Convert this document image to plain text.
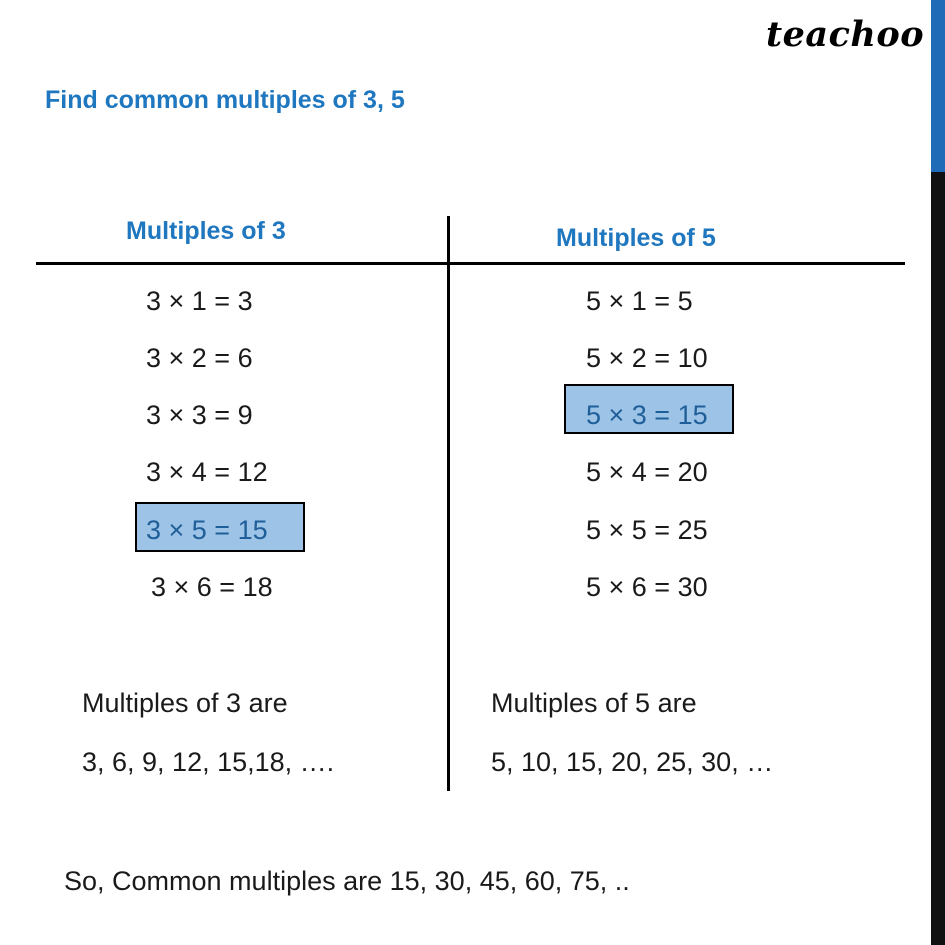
teachoo
Find common multiples of 3, 5
Multiples of 3	Multiples of 5
3 × 1 = 3
3 × 2 = 6
3 × 3 = 9
3 × 4 = 12
3 × 5 = 15
3 × 6 = 18
5 × 1 = 5
5 × 2 = 10
5 × 3 = 15
5 × 4 = 20
5 × 5 = 25
5 × 6 = 30
Multiples of 3 are
3, 6, 9, 12, 15,18, ….
Multiples of 5 are
5, 10, 15, 20, 25, 30, …
So, Common multiples are 15, 30, 45, 60, 75, ..
